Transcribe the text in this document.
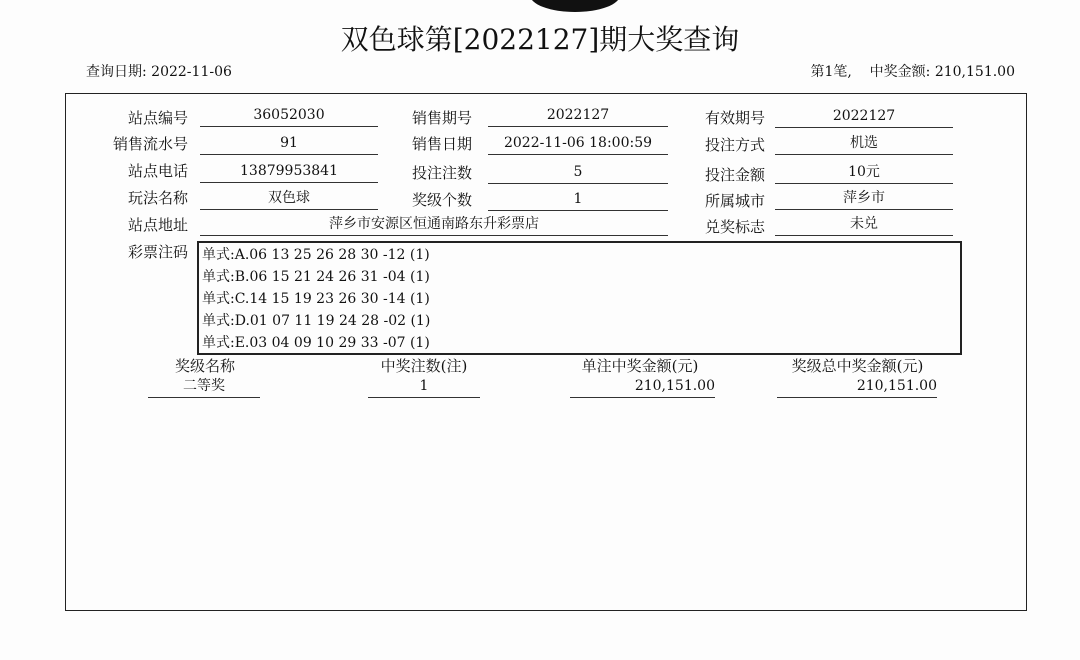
双色球第[2022127]期大奖查询
查询日期: 2022-11-06	第1笔, 中奖金额: 210,151.00
站点编号	36052030	销售期号	2022127	有效期号	2022127
销售流水号	91	销售日期	2022-11-06 18:00:59	投注方式	机选
站点电话	13879953841	投注注数	5	投注金额	10元
玩法名称	双色球	奖级个数	1	所属城市	萍乡市
站点地址	萍乡市安源区恒通南路东升彩票店	兑奖标志	未兑
彩票注码 单式:A.06 13 25 26 28 30 -12 (1)
单式:B.06 15 21 24 26 31 -04 (1)
单式:C.14 15 19 23 26 30 -14 (1)
单式:D.01 07 11 19 24 28 -02 (1)
单式:E.03 04 09 10 29 33 -07 (1)
奖级名称	中奖注数(注)	单注中奖金额(元)	奖级总中奖金额(元)
二等奖	1	210,151.00	210,151.00
